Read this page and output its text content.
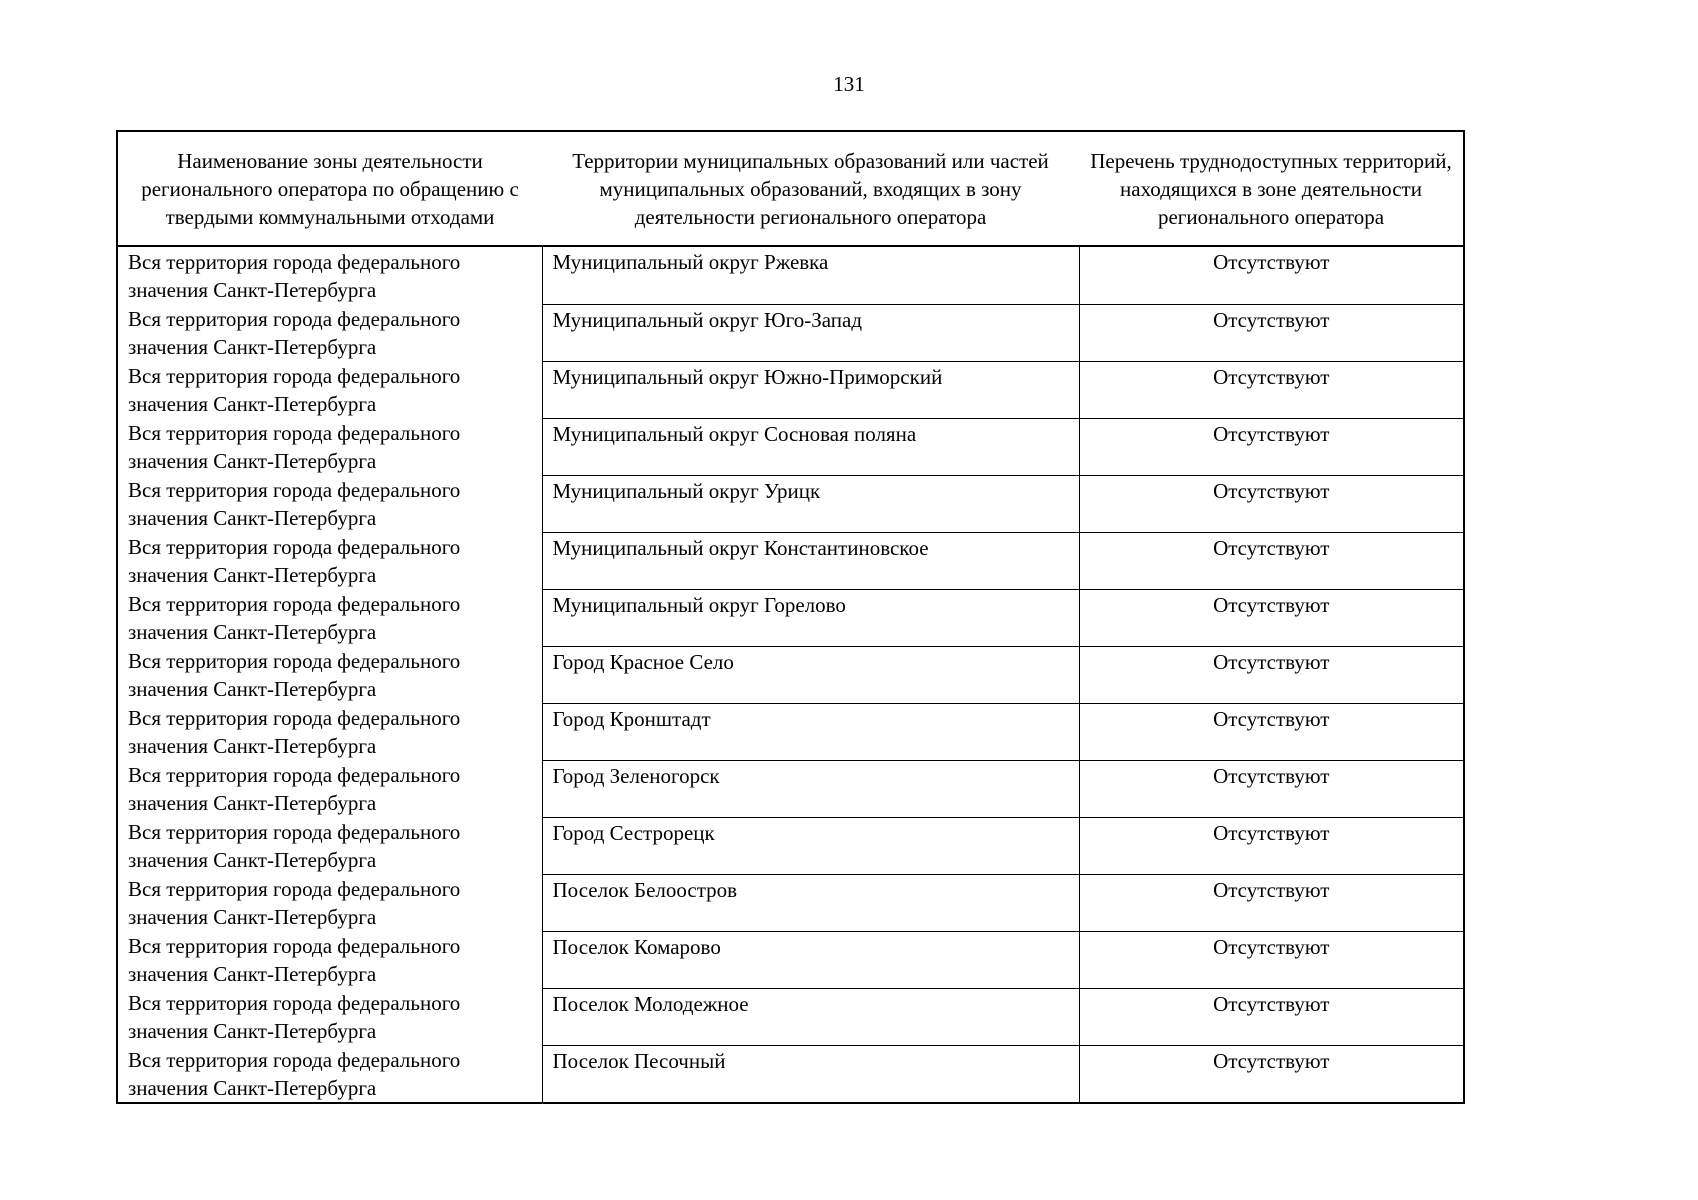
131
Наименование зоны деятельности регионального оператора по обращению с твердыми коммунальными отходами	Территории муниципальных образований или частей муниципальных образований, входящих в зону деятельности регионального оператора	Перечень труднодоступных территорий, находящихся в зоне деятельности регионального оператора
Вся территория города федерального значения Санкт-Петербурга	Муниципальный округ Ржевка	Отсутствуют
Вся территория города федерального значения Санкт-Петербурга	Муниципальный округ Юго-Запад	Отсутствуют
Вся территория города федерального значения Санкт-Петербурга	Муниципальный округ Южно-Приморский	Отсутствуют
Вся территория города федерального значения Санкт-Петербурга	Муниципальный округ Сосновая поляна	Отсутствуют
Вся территория города федерального значения Санкт-Петербурга	Муниципальный округ Урицк	Отсутствуют
Вся территория города федерального значения Санкт-Петербурга	Муниципальный округ Константиновское	Отсутствуют
Вся территория города федерального значения Санкт-Петербурга	Муниципальный округ Горелово	Отсутствуют
Вся территория города федерального значения Санкт-Петербурга	Город Красное Село	Отсутствуют
Вся территория города федерального значения Санкт-Петербурга	Город Кронштадт	Отсутствуют
Вся территория города федерального значения Санкт-Петербурга	Город Зеленогорск	Отсутствуют
Вся территория города федерального значения Санкт-Петербурга	Город Сестрорецк	Отсутствуют
Вся территория города федерального значения Санкт-Петербурга	Поселок Белоостров	Отсутствуют
Вся территория города федерального значения Санкт-Петербурга	Поселок Комарово	Отсутствуют
Вся территория города федерального значения Санкт-Петербурга	Поселок Молодежное	Отсутствуют
Вся территория города федерального значения Санкт-Петербурга	Поселок Песочный	Отсутствуют
